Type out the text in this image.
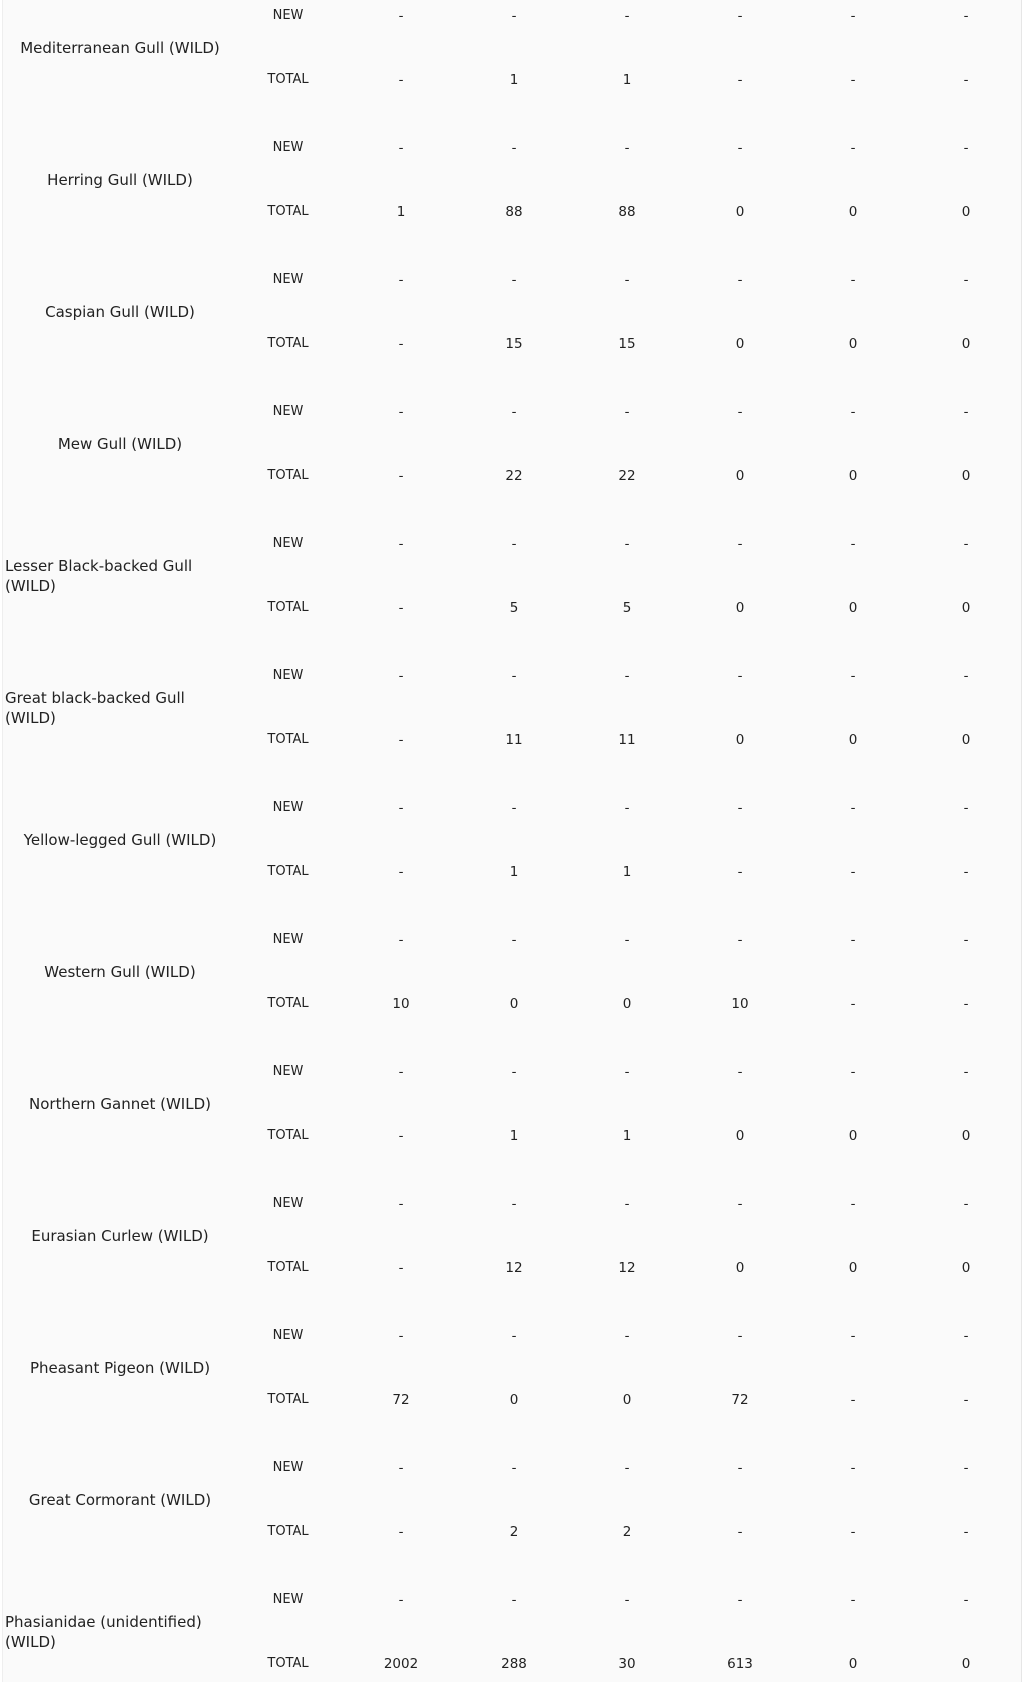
Mediterranean Gull (WILD)
NEW	-	-	-	-	-	-
TOTAL	-	1	1	-	-	-
Herring Gull (WILD)
NEW	-	-	-	-	-	-
TOTAL	1	88	88	0	0	0
Caspian Gull (WILD)
NEW	-	-	-	-	-	-
TOTAL	-	15	15	0	0	0
Mew Gull (WILD)
NEW	-	-	-	-	-	-
TOTAL	-	22	22	0	0	0
Lesser Black-backed Gull (WILD)
NEW	-	-	-	-	-	-
TOTAL	-	5	5	0	0	0
Great black-backed Gull (WILD)
NEW	-	-	-	-	-	-
TOTAL	-	11	11	0	0	0
Yellow-legged Gull (WILD)
NEW	-	-	-	-	-	-
TOTAL	-	1	1	-	-	-
Western Gull (WILD)
NEW	-	-	-	-	-	-
TOTAL	10	0	0	10	-	-
Northern Gannet (WILD)
NEW	-	-	-	-	-	-
TOTAL	-	1	1	0	0	0
Eurasian Curlew (WILD)
NEW	-	-	-	-	-	-
TOTAL	-	12	12	0	0	0
Pheasant Pigeon (WILD)
NEW	-	-	-	-	-	-
TOTAL	72	0	0	72	-	-
Great Cormorant (WILD)
NEW	-	-	-	-	-	-
TOTAL	-	2	2	-	-	-
Phasianidae (unidentified) (WILD)
NEW	-	-	-	-	-	-
TOTAL	2002	288	30	613	0	0
